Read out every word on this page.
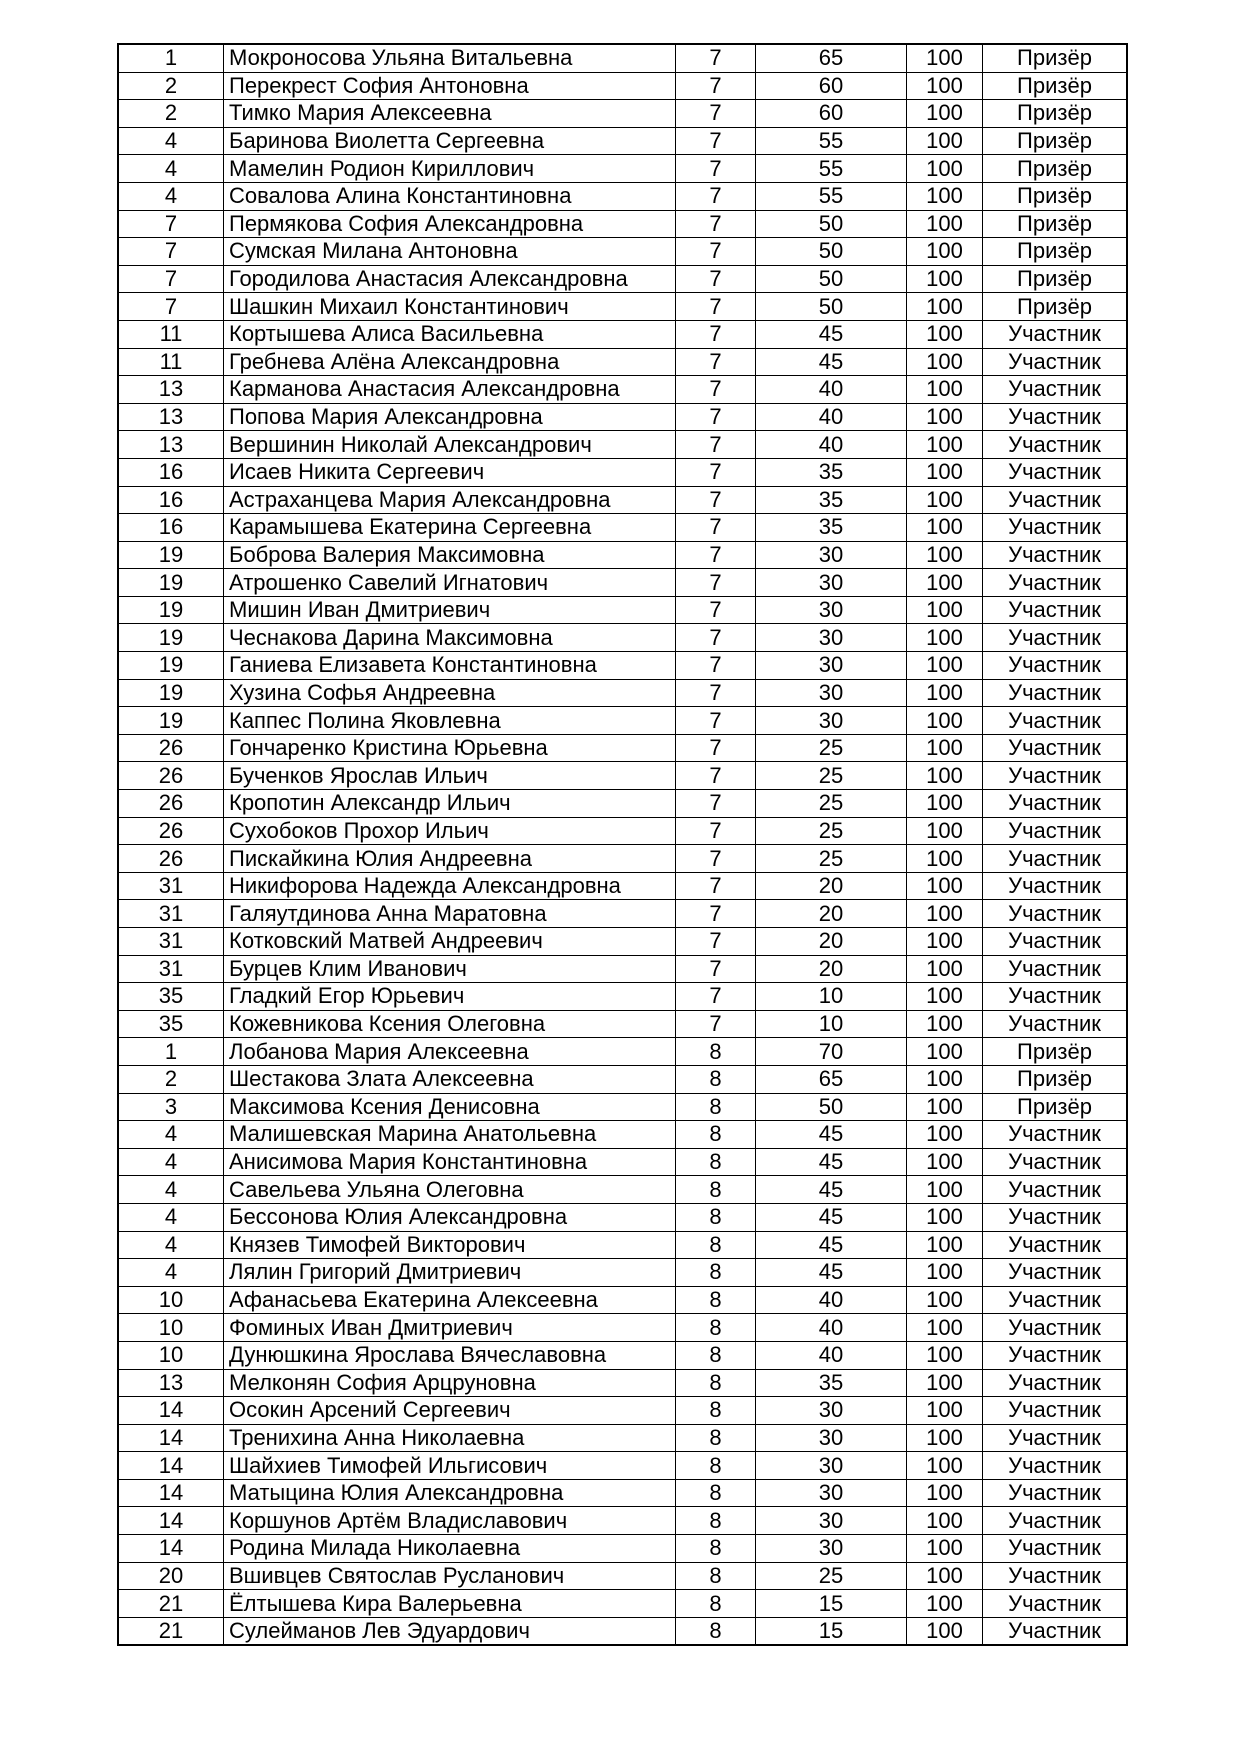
1	Мокроносова Ульяна Витальевна	7	65	100	Призёр
2	Перекрест София Антоновна	7	60	100	Призёр
2	Тимко Мария Алексеевна	7	60	100	Призёр
4	Баринова Виолетта Сергеевна	7	55	100	Призёр
4	Мамелин Родион Кириллович	7	55	100	Призёр
4	Совалова Алина Константиновна	7	55	100	Призёр
7	Пермякова София Александровна	7	50	100	Призёр
7	Сумская Милана Антоновна	7	50	100	Призёр
7	Городилова Анастасия Александровна	7	50	100	Призёр
7	Шашкин Михаил Константинович	7	50	100	Призёр
11	Кортышева Алиса Васильевна	7	45	100	Участник
11	Гребнева Алёна Александровна	7	45	100	Участник
13	Карманова Анастасия Александровна	7	40	100	Участник
13	Попова Мария Александровна	7	40	100	Участник
13	Вершинин Николай Александрович	7	40	100	Участник
16	Исаев Никита Сергеевич	7	35	100	Участник
16	Астраханцева Мария Александровна	7	35	100	Участник
16	Карамышева Екатерина Сергеевна	7	35	100	Участник
19	Боброва Валерия Максимовна	7	30	100	Участник
19	Атрошенко Савелий Игнатович	7	30	100	Участник
19	Мишин Иван Дмитриевич	7	30	100	Участник
19	Чеснакова Дарина Максимовна	7	30	100	Участник
19	Ганиева Елизавета Константиновна	7	30	100	Участник
19	Хузина Софья Андреевна	7	30	100	Участник
19	Каппес Полина Яковлевна	7	30	100	Участник
26	Гончаренко Кристина Юрьевна	7	25	100	Участник
26	Бученков Ярослав Ильич	7	25	100	Участник
26	Кропотин Александр Ильич	7	25	100	Участник
26	Сухобоков Прохор Ильич	7	25	100	Участник
26	Пискайкина Юлия Андреевна	7	25	100	Участник
31	Никифорова Надежда Александровна	7	20	100	Участник
31	Галяутдинова Анна Маратовна	7	20	100	Участник
31	Котковский Матвей Андреевич	7	20	100	Участник
31	Бурцев Клим Иванович	7	20	100	Участник
35	Гладкий Егор Юрьевич	7	10	100	Участник
35	Кожевникова Ксения Олеговна	7	10	100	Участник
1	Лобанова Мария Алексеевна	8	70	100	Призёр
2	Шестакова Злата Алексеевна	8	65	100	Призёр
3	Максимова Ксения Денисовна	8	50	100	Призёр
4	Малишевская Марина Анатольевна	8	45	100	Участник
4	Анисимова Мария Константиновна	8	45	100	Участник
4	Савельева Ульяна Олеговна	8	45	100	Участник
4	Бессонова Юлия Александровна	8	45	100	Участник
4	Князев Тимофей Викторович	8	45	100	Участник
4	Лялин Григорий Дмитриевич	8	45	100	Участник
10	Афанасьева Екатерина Алексеевна	8	40	100	Участник
10	Фоминых Иван Дмитриевич	8	40	100	Участник
10	Дунюшкина Ярослава Вячеславовна	8	40	100	Участник
13	Мелконян София Арцруновна	8	35	100	Участник
14	Осокин Арсений Сергеевич	8	30	100	Участник
14	Тренихина Анна Николаевна	8	30	100	Участник
14	Шайхиев Тимофей Ильгисович	8	30	100	Участник
14	Матыцина Юлия Александровна	8	30	100	Участник
14	Коршунов Артём Владиславович	8	30	100	Участник
14	Родина Милада Николаевна	8	30	100	Участник
20	Вшивцев Святослав Русланович	8	25	100	Участник
21	Ёлтышева Кира Валерьевна	8	15	100	Участник
21	Сулейманов Лев Эдуардович	8	15	100	Участник
